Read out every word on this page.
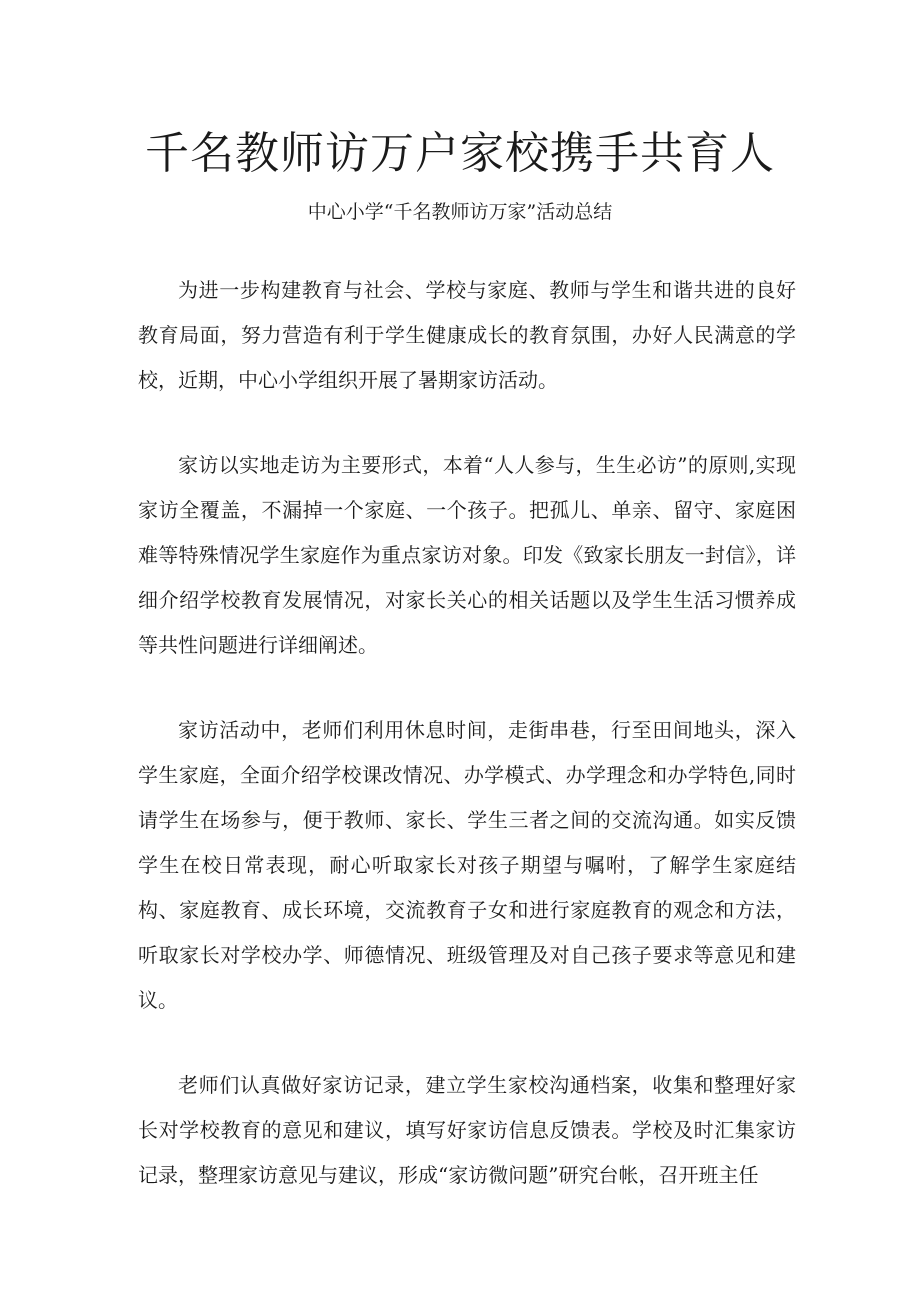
千名教师访万户家校携手共育人

中心小学“千名教师访万家”活动总结

为进一步构建教育与社会、学校与家庭、教师与学生和谐共进的良好教育局面，努力营造有利于学生健康成长的教育氛围，办好人民满意的学校，近期，中心小学组织开展了暑期家访活动。

家访以实地走访为主要形式，本着“人人参与，生生必访”的原则,实现家访全覆盖，不漏掉一个家庭、一个孩子。把孤儿、单亲、留守、家庭困难等特殊情况学生家庭作为重点家访对象。印发《致家长朋友一封信》，详细介绍学校教育发展情况，对家长关心的相关话题以及学生生活习惯养成等共性问题进行详细阐述。

家访活动中，老师们利用休息时间，走街串巷，行至田间地头，深入学生家庭，全面介绍学校课改情况、办学模式、办学理念和办学特色,同时请学生在场参与，便于教师、家长、学生三者之间的交流沟通。如实反馈学生在校日常表现，耐心听取家长对孩子期望与嘱咐，了解学生家庭结构、家庭教育、成长环境，交流教育子女和进行家庭教育的观念和方法，听取家长对学校办学、师德情况、班级管理及对自己孩子要求等意见和建议。

老师们认真做好家访记录，建立学生家校沟通档案，收集和整理好家长对学校教育的意见和建议，填写好家访信息反馈表。学校及时汇集家访记录，整理家访意见与建议，形成“家访微问题”研究台帐，召开班主任
